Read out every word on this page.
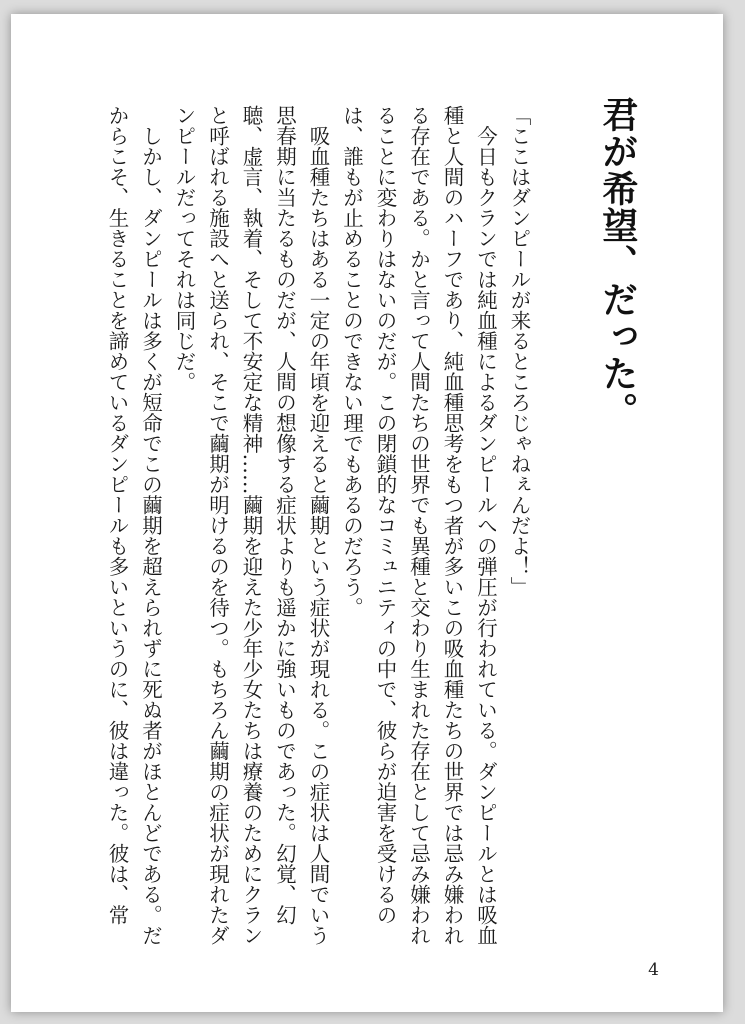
君が希望、だった。

「ここはダンピールが来るところじゃねぇんだよ！」

　今日もクランでは純血種によるダンピールへの弾圧が行われている。ダンピールとは吸血種と人間のハーフであり、純血種思考をもつ者が多いこの吸血種たちの世界では忌み嫌われる存在である。かと言って人間たちの世界でも異種と交わり生まれた存在として忌み嫌われることに変わりはないのだが。この閉鎖的なコミュニティの中で、彼らが迫害を受けるのは、誰もが止めることのできない理でもあるのだろう。

　吸血種たちはある一定の年頃を迎えると繭期という症状が現れる。この症状は人間でいう思春期に当たるものだが、人間の想像する症状よりも遥かに強いものであった。幻覚、幻聴、虚言、執着、そして不安定な精神……繭期を迎えた少年少女たちは療養のためにクランと呼ばれる施設へと送られ、そこで繭期が明けるのを待つ。もちろん繭期の症状が現れたダンピールだってそれは同じだ。

　しかし、ダンピールは多くが短命でこの繭期を超えられずに死ぬ者がほとんどである。だからこそ、生きることを諦めているダンピールも多いというのに、彼は違った。彼は、常

4
